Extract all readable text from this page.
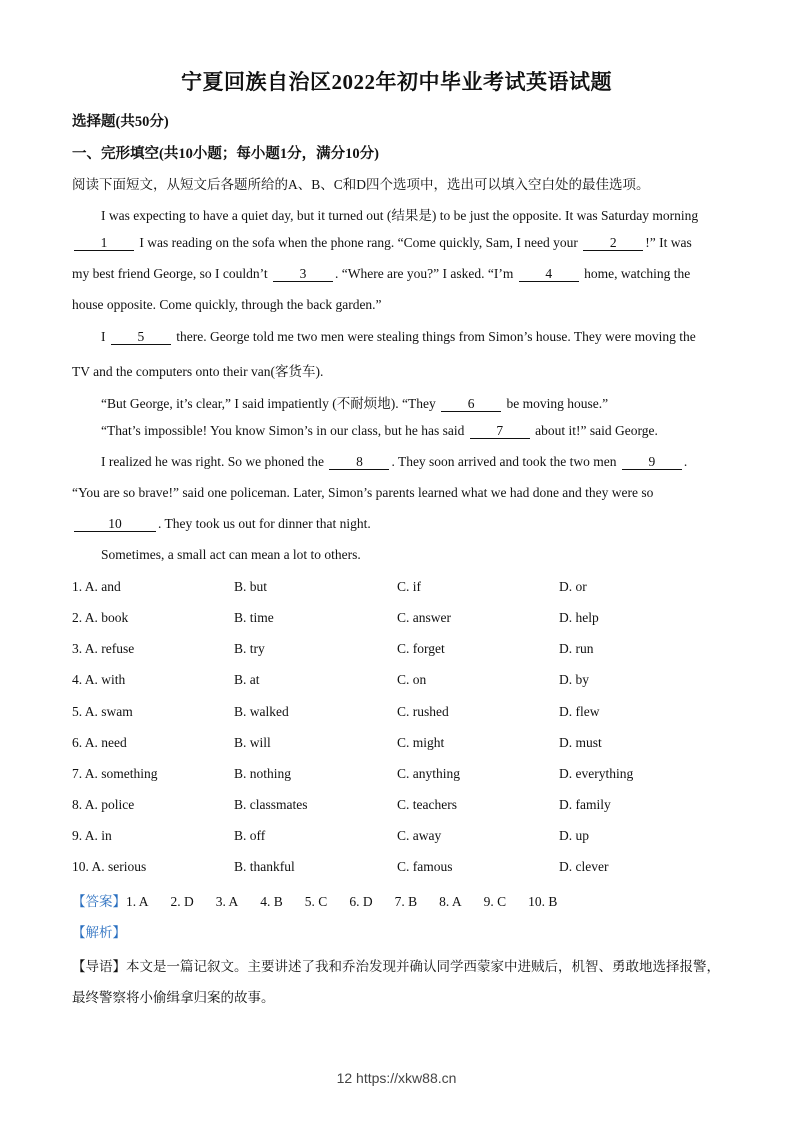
宁夏回族自治区2022年初中毕业考试英语试题
选择题(共50分)
一、完形填空(共10小题；每小题1分，满分10分)
阅读下面短文，从短文后各题所给的A、B、C和D四个选项中，选出可以填入空白处的最佳选项。
I was expecting to have a quiet day, but it turned out (结果是) to be just the opposite. It was Saturday morning
1 I was reading on the sofa when the phone rang. “Come quickly, Sam, I need your 2 !” It was
my best friend George, so I couldn’t 3 . “Where are you?” I asked. “I’m 4 home, watching the
house opposite. Come quickly, through the back garden.”
I 5 there. George told me two men were stealing things from Simon’s house. They were moving the
TV and the computers onto their van(客货车).
“But George, it’s clear,” I said impatiently (不耐烦地). “They 6 be moving house.”
“That’s impossible! You know Simon’s in our class, but he has said 7 about it!” said George.
I realized he was right. So we phoned the 8 . They soon arrived and took the two men 9 .
“You are so brave!” said one policeman. Later, Simon’s parents learned what we had done and they were so
10	. They took us out for dinner that night.
Sometimes, a small act can mean a lot to others.
1. A. and	B. but	C. if	D. or
2. A. book	B. time	C. answer	D. help
3. A. refuse	B. try	C. forget	D. run
4. A. with	B. at	C. on	D. by
5. A. swam	B. walked	C. rushed	D. flew
6. A. need	B. will	C. might	D. must
7. A. something	B. nothing	C. anything	D. everything
8. A. police	B. classmates	C. teachers	D. family
9. A. in	B. off	C. away	D. up
10. A. serious	B. thankful	C. famous	D. clever
【答案】1. A 2. D 3. A 4. B 5. C 6. D 7. B 8. A 9. C 10. B
【解析】
【导语】本文是一篇记叙文。主要讲述了我和乔治发现并确认同学西蒙家中进贼后，机智、勇敢地选择报警，最终警察将小偷缉拿归案的故事。
12 https://xkw88.cn
